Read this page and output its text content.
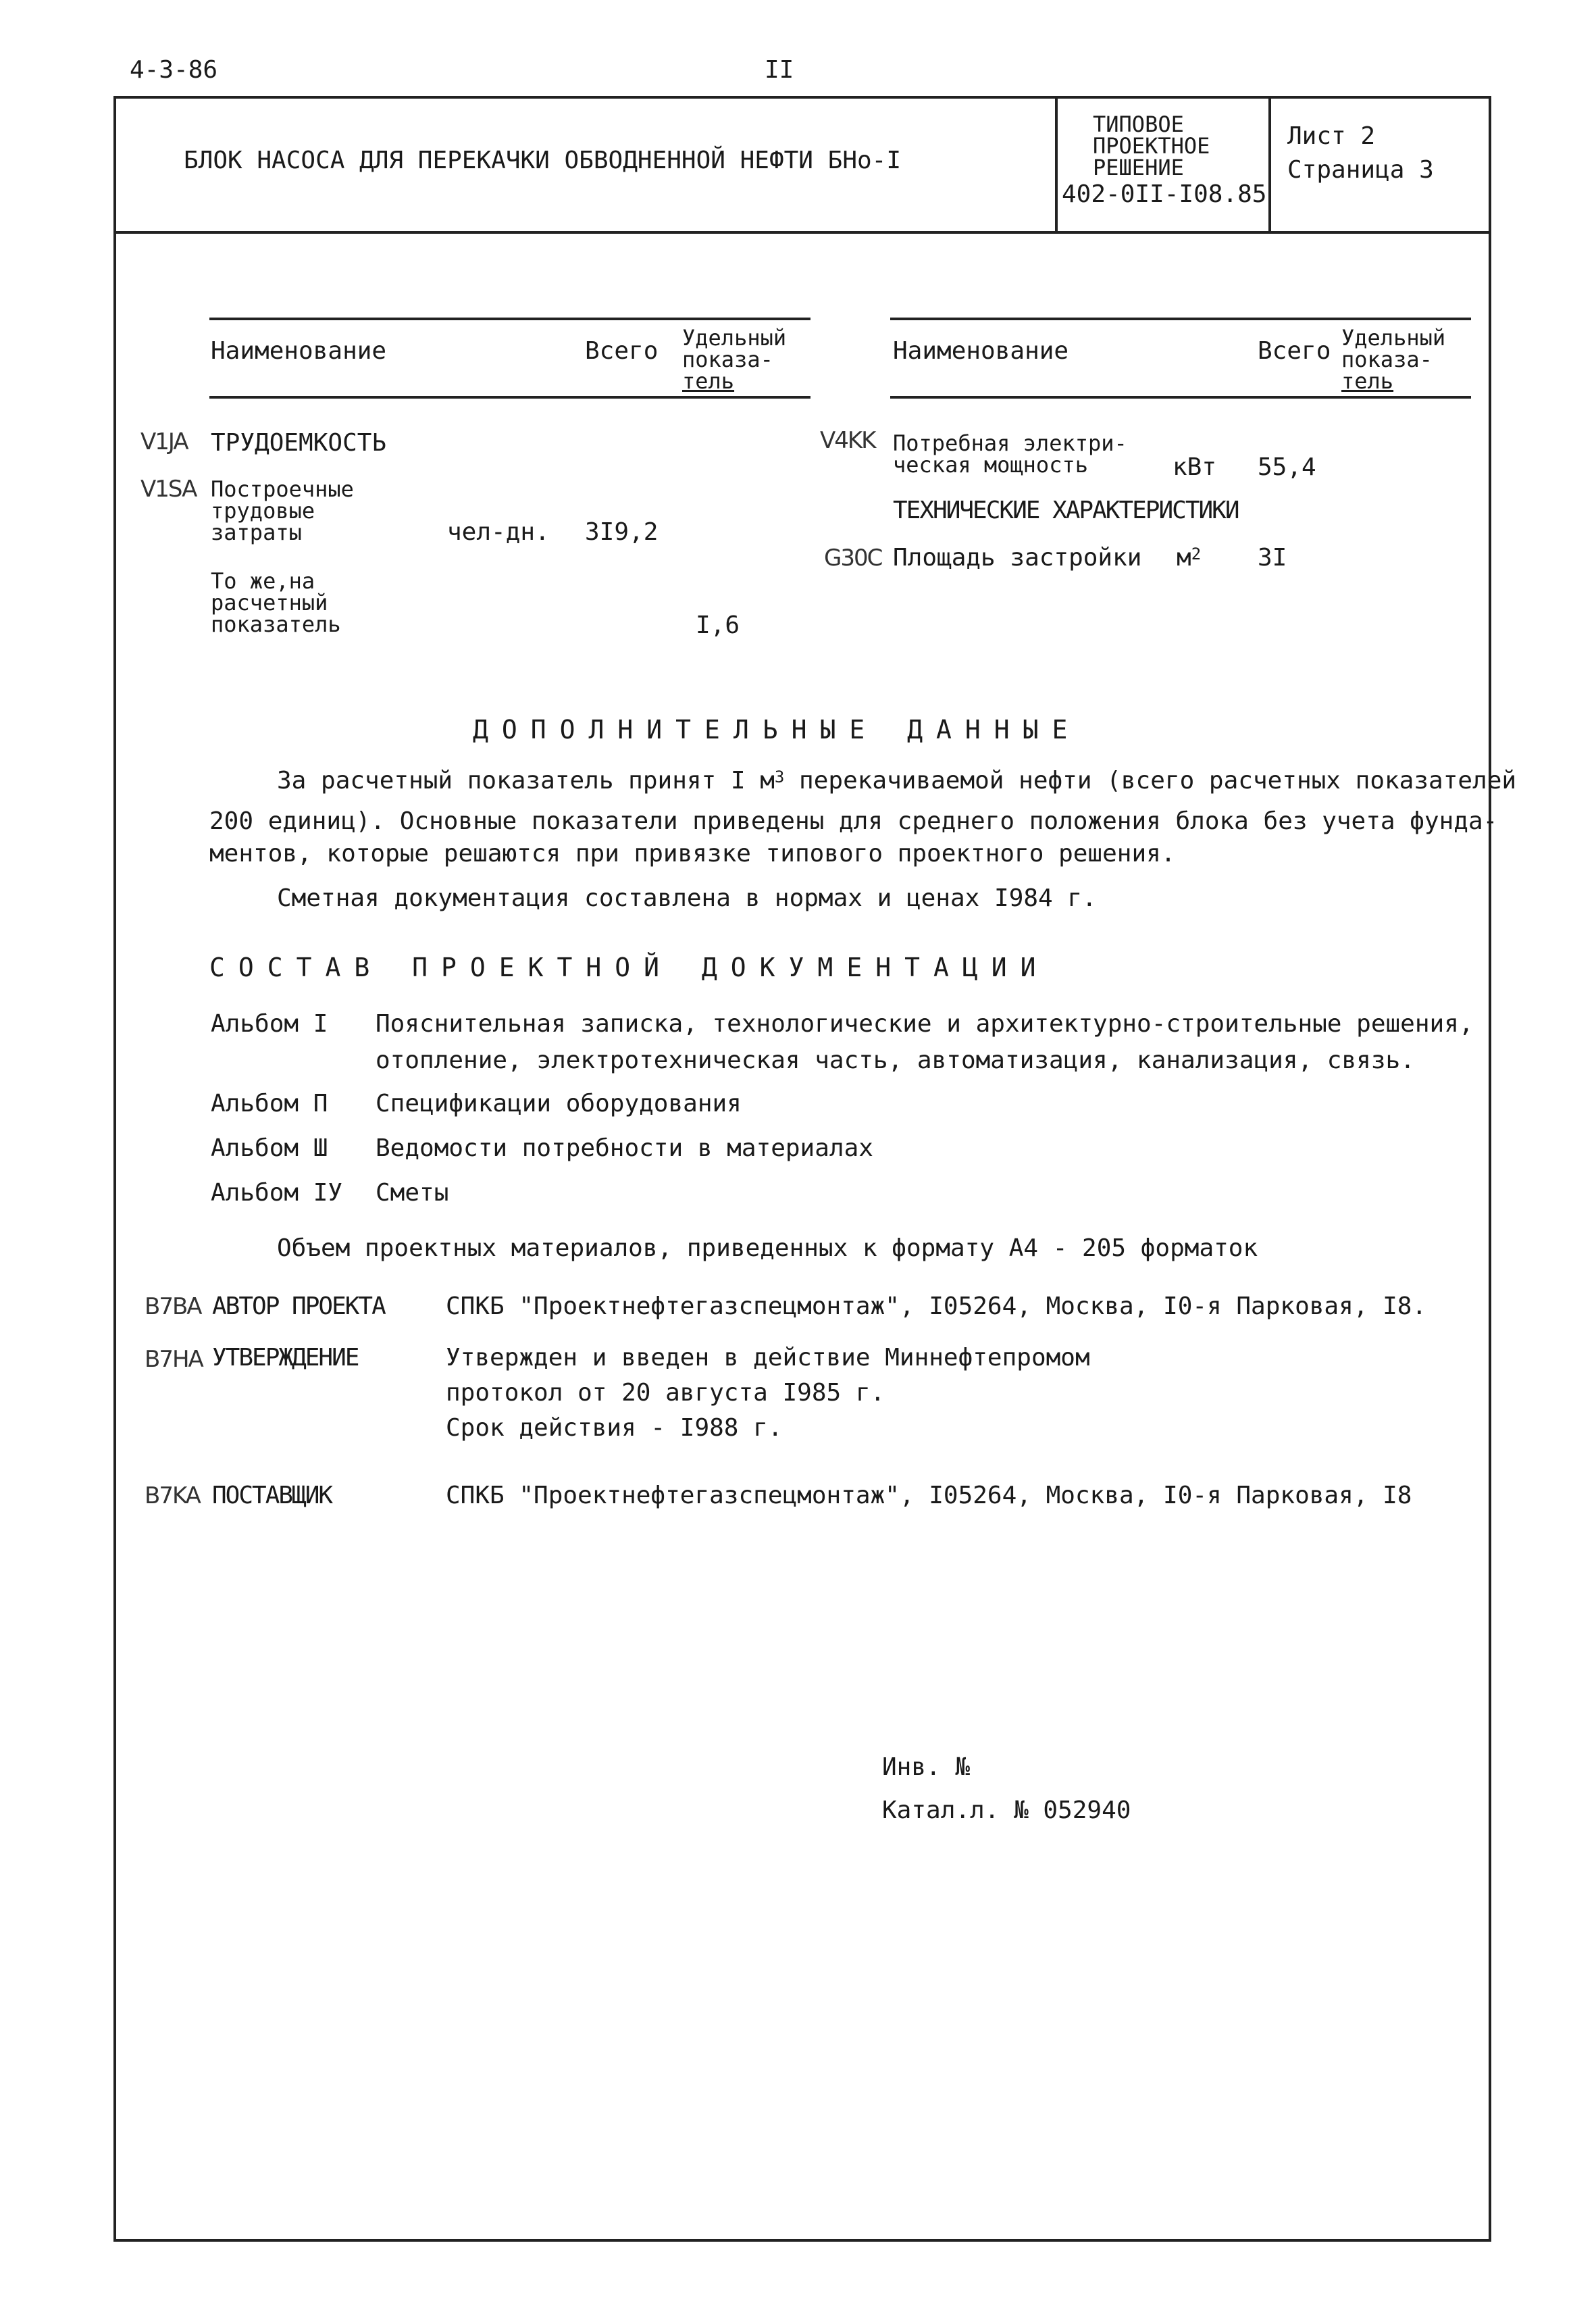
4-3-86	II
БЛОК НАСОСА ДЛЯ ПЕРЕКАЧКИ ОБВОДНЕННОЙ НЕФТИ БНо-I
ТИПОВОЕ
ПРОЕКТНОЕ
РЕШЕНИЕ
402-0II-I08.85
Лист 2
Страница 3
Наименование	Всего Удельный
показа-
тель
V1JA ТРУДОЕМКОСТЬ
V1SA Построечные
трудовые
затраты	чел-дн. 3I9,2
То же,на
расчетный
показатель	I,6
Наименование	Всего Удельный
показа-
тель
V4KK Потребная электри-
ческая мощность	кВт 55,4
ТЕХНИЧЕСКИЕ ХАРАКТЕРИСТИКИ
G30C Площадь застройки $м^2$ 3I
ДОПОЛНИТЕЛЬНЫЕ ДАННЫЕ
За расчетный показатель принят I $м^3$ перекачиваемой нефти (всего расчетных показателей
200 единиц). Основные показатели приведены для среднего положения блока без учета фунда-
ментов, которые решаются при привязке типового проектного решения.
Сметная документация составлена в нормах и ценах I984 г.
СОСТАВ ПРОЕКТНОЙ ДОКУМЕНТАЦИИ
Альбом I Пояснительная записка, технологические и архитектурно-строительные решения,
отопление, электротехническая часть, автоматизация, канализация, связь.
Альбом П Спецификации оборудования
Альбом Ш Ведомости потребности в материалах
Альбом IУ Сметы
Объем проектных материалов, приведенных к формату А4 - 205 форматок
B7BA АВТОР ПРОЕКТА	СПКБ "Проектнефтегазспецмонтаж", I05264, Москва, I0-я Парковая, I8.
B7HA УТВЕРЖДЕНИЕ	Утвержден и введен в действие Миннефтепромом
протокол от 20 августа I985 г.
Срок действия - I988 г.
B7KA ПОСТАВЩИК	СПКБ "Проектнефтегазспецмонтаж", I05264, Москва, I0-я Парковая, I8
Инв. №
Катал.л. № 052940
